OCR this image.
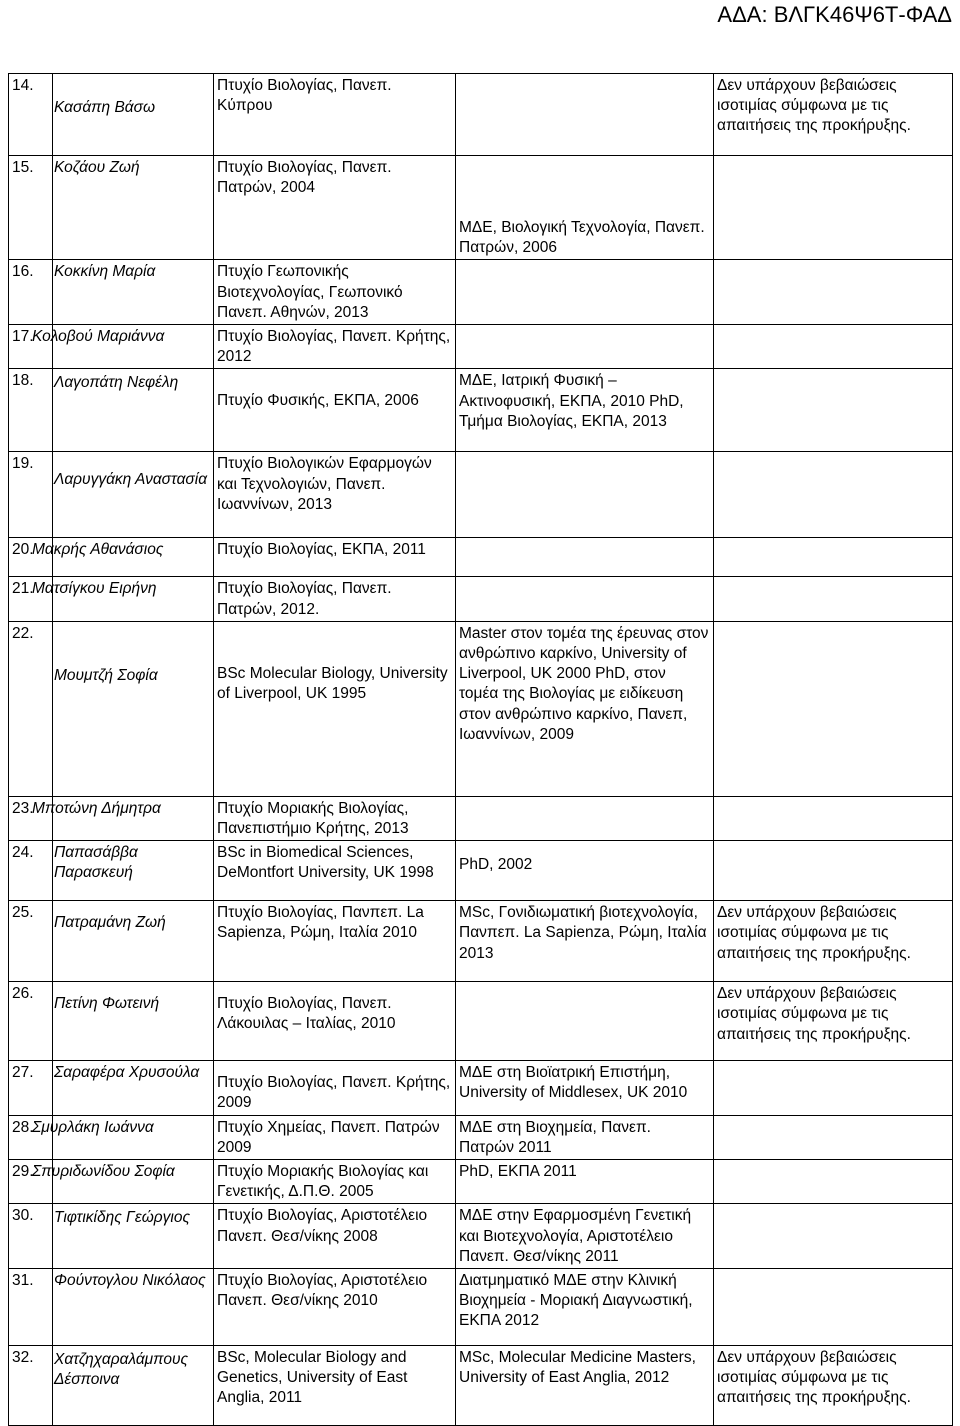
ΑΔΑ: ΒΛΓΚ46Ψ6Τ-ΦΑΔ
14.	Κασάπη Βάσω	Πτυχίο Βιολογίας, Πανεπ. Κύπρου		Δεν υπάρχουν βεβαιώσεις ισοτιμίας σύμφωνα με τις απαιτήσεις της προκήρυξης.

15.	Κοζάου Ζωή	Πτυχίο Βιολογίας, Πανεπ. Πατρών, 2004	ΜΔΕ, Βιολογική Τεχνολογία, Πανεπ. Πατρών, 2006	

16.	Κοκκίνη Μαρία	Πτυχίο Γεωπονικής Βιοτεχνολογίας, Γεωπονικό Πανεπ. Αθηνών, 2013		

17.	Κολοβού Μαριάννα	Πτυχίο Βιολογίας, Πανεπ. Κρήτης, 2012		

18.	Λαγοπάτη Νεφέλη	Πτυχίο Φυσικής, ΕΚΠΑ, 2006	ΜΔΕ, Ιατρική Φυσική – Ακτινοφυσική, ΕΚΠΑ, 2010 PhD, Τμήμα Βιολογίας, ΕΚΠΑ, 2013	

19.	Λαρυγγάκη Αναστασία	Πτυχίο Βιολογικών Εφαρμογών και Τεχνολογιών, Πανεπ. Ιωαννίνων, 2013		

20.	Μακρής Αθανάσιος	Πτυχίο Βιολογίας, ΕΚΠΑ, 2011		

21.	Ματσίγκου Ειρήνη	Πτυχίο Βιολογίας, Πανεπ. Πατρών, 2012.		

22.	Μουμτζή Σοφία	BSc Molecular Biology, University of Liverpool, UK 1995	Master στον τομέα της έρευνας στον ανθρώπινο καρκίνο, University of Liverpool, UK 2000 PhD, στον τομέα της Βιολογίας με ειδίκευση στον ανθρώπινο καρκίνο, Πανεπ, Ιωαννίνων, 2009	

23.	Μποτώνη Δήμητρα	Πτυχίο Μοριακής Βιολογίας, Πανεπιστήμιο Κρήτης, 2013		

24.	Παπασάββα Παρασκευή	BSc in Biomedical Sciences, DeMontfort University, UK 1998	PhD, 2002	

25.	Πατραμάνη Ζωή	Πτυχίο Βιολογίας, Πανπεπ. La Sapienza, Ρώμη, Ιταλία 2010	MSc, Γονιδιωματική βιοτεχνολογία, Πανπεπ. La Sapienza, Ρώμη, Ιταλία 2013	Δεν υπάρχουν βεβαιώσεις ισοτιμίας σύμφωνα με τις απαιτήσεις της προκήρυξης.

26.	Πετίνη Φωτεινή	Πτυχίο Βιολογίας, Πανεπ. Λάκουιλας – Ιταλίας, 2010		Δεν υπάρχουν βεβαιώσεις ισοτιμίας σύμφωνα με τις απαιτήσεις της προκήρυξης.

27.	Σαραφέρα Χρυσούλα	Πτυχίο Βιολογίας, Πανεπ. Κρήτης, 2009	ΜΔΕ στη Βιοϊατρική Επιστήμη, University of Middlesex, UK 2010	

28.	Σμυρλάκη Ιωάννα	Πτυχίο Χημείας, Πανεπ. Πατρών 2009	ΜΔΕ στη Βιοχημεία, Πανεπ. Πατρών 2011	

29.	Σπυριδωνίδου Σοφία	Πτυχίο Μοριακής Βιολογίας και Γενετικής, Δ.Π.Θ. 2005	PhD, ΕΚΠΑ 2011	

30.	Τιφτικίδης Γεώργιος	Πτυχίο Βιολογίας, Αριστοτέλειο Πανεπ. Θεσ/νίκης 2008	ΜΔΕ στην Εφαρμοσμένη Γενετική και Βιοτεχνολογία, Αριστοτέλειο Πανεπ. Θεσ/νίκης 2011	

31.	Φούντογλου Νικόλαος	Πτυχίο Βιολογίας, Αριστοτέλειο Πανεπ. Θεσ/νίκης 2010	Διατμηματικό ΜΔΕ στην Κλινική Βιοχημεία - Μοριακή Διαγνωστική, ΕΚΠΑ 2012	

32.	Χατζηχαραλάμπους Δέσποινα	BSc, Molecular Biology and Genetics, University of East Anglia, 2011	MSc, Molecular Medicine Masters, University of East Anglia, 2012	Δεν υπάρχουν βεβαιώσεις ισοτιμίας σύμφωνα με τις απαιτήσεις της προκήρυξης.
